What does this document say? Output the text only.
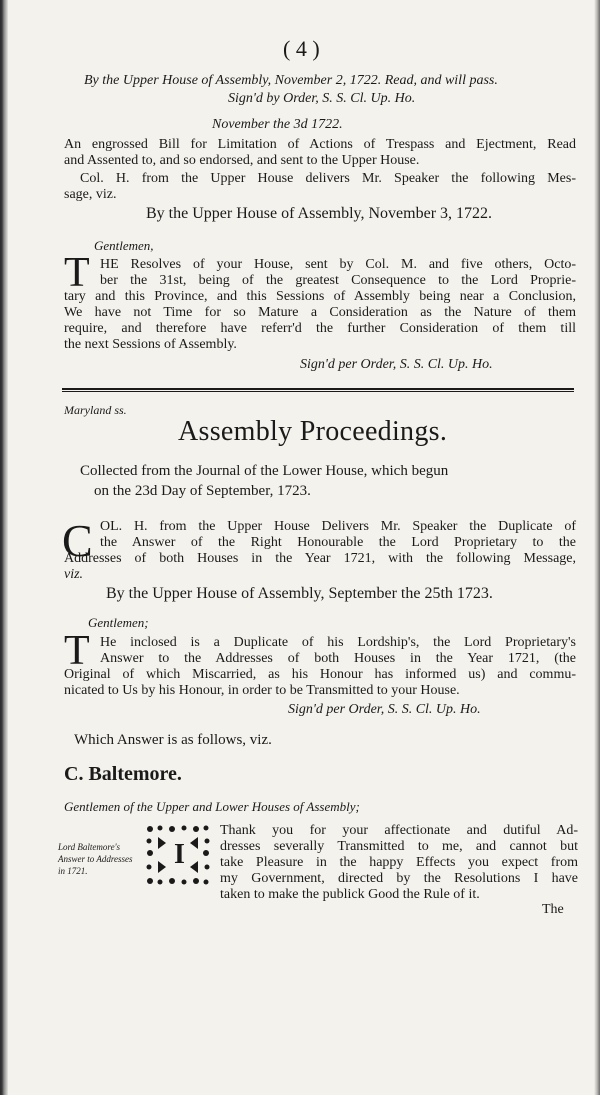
( 4 )
By the Upper House of Assembly, November 2, 1722. Read, and will pass.
Sign'd by Order, S. S. Cl. Up. Ho.
November the 3d 1722.
An engrossed Bill for Limitation of Actions of Trespass and Ejectment, Read
and Assented to, and so endorsed, and sent to the Upper House.
Col. H. from the Upper House delivers Mr. Speaker the following Mes-
sage, viz.
By the Upper House of Assembly, November 3, 1722.
Gentlemen,
T HE Resolves of your House, sent by Col. M. and five others, Octo-
ber the 31st, being of the greatest Consequence to the Lord Proprie-
tary and this Province, and this Sessions of Assembly being near a Conclusion,
We have not Time for so Mature a Consideration as the Nature of them
require, and therefore have referr'd the further Consideration of them till
the next Sessions of Assembly.
Sign'd per Order, S. S. Cl. Up. Ho.
Maryland ss.
Assembly Proceedings.
Collected from the Journal of the Lower House, which begun
on the 23d Day of September, 1723.
C OL. H. from the Upper House Delivers Mr. Speaker the Duplicate of
the Answer of the Right Honourable the Lord Proprietary to the
Addresses of both Houses in the Year 1721, with the following Message,
viz.
By the Upper House of Assembly, September the 25th 1723.
Gentlemen;
T He inclosed is a Duplicate of his Lordship's, the Lord Proprietary's
Answer to the Addresses of both Houses in the Year 1721, (the
Original of which Miscarried, as his Honour has informed us) and commu-
nicated to Us by his Honour, in order to be Transmitted to your House.
Sign'd per Order, S. S. Cl. Up. Ho.
Which Answer is as follows, viz.
C. Baltemore.
Gentlemen of the Upper and Lower Houses of Assembly;
Lord Baltemore's
Answer to Addresses
in 1721.
I
Thank you for your affectionate and dutiful Ad-
dresses severally Transmitted to me, and cannot but
take Pleasure in the happy Effects you expect from
my Government, directed by the Resolutions I have
taken to make the publick Good the Rule of it.
The
